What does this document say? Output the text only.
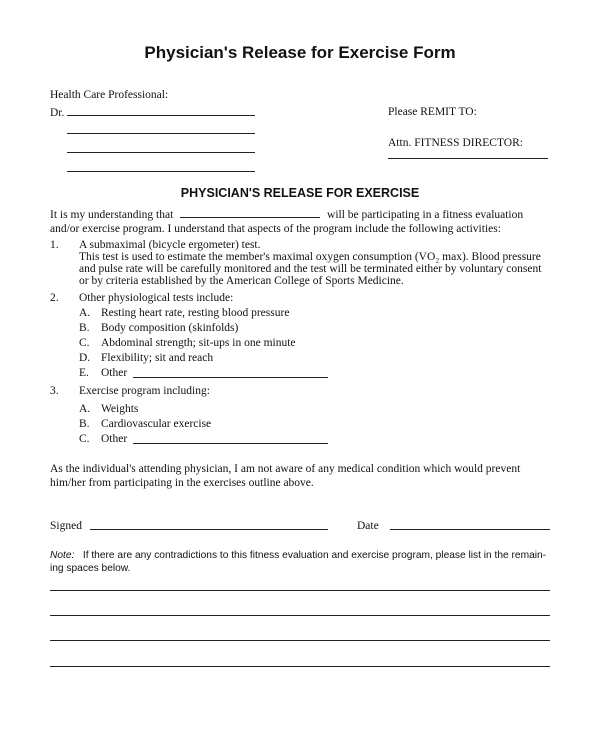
Physician's Release for Exercise Form
Health Care Professional:
Dr.	Please REMIT TO:
Attn. FITNESS DIRECTOR:
PHYSICIAN'S RELEASE FOR EXERCISE
It is my understanding that	will be participating in a fitness evaluation
and/or exercise program. I understand that aspects of the program include the following activities:
1. A submaximal (bicycle ergometer) test.
This test is used to estimate the member's maximal oxygen consumption (VO₂ max). Blood pressure
and pulse rate will be carefully monitored and the test will be terminated either by voluntary consent
or by criteria established by the American College of Sports Medicine.
2. Other physiological tests include:
A. Resting heart rate, resting blood pressure
B. Body composition (skinfolds)
C. Abdominal strength; sit-ups in one minute
D. Flexibility; sit and reach
E. Other
3. Exercise program including:
A. Weights
B. Cardiovascular exercise
C. Other
As the individual's attending physician, I am not aware of any medical condition which would prevent
him/her from participating in the exercises outline above.
Signed	Date
Note: If there are any contradictions to this fitness evaluation and exercise program, please list in the remain-
ing spaces below.
